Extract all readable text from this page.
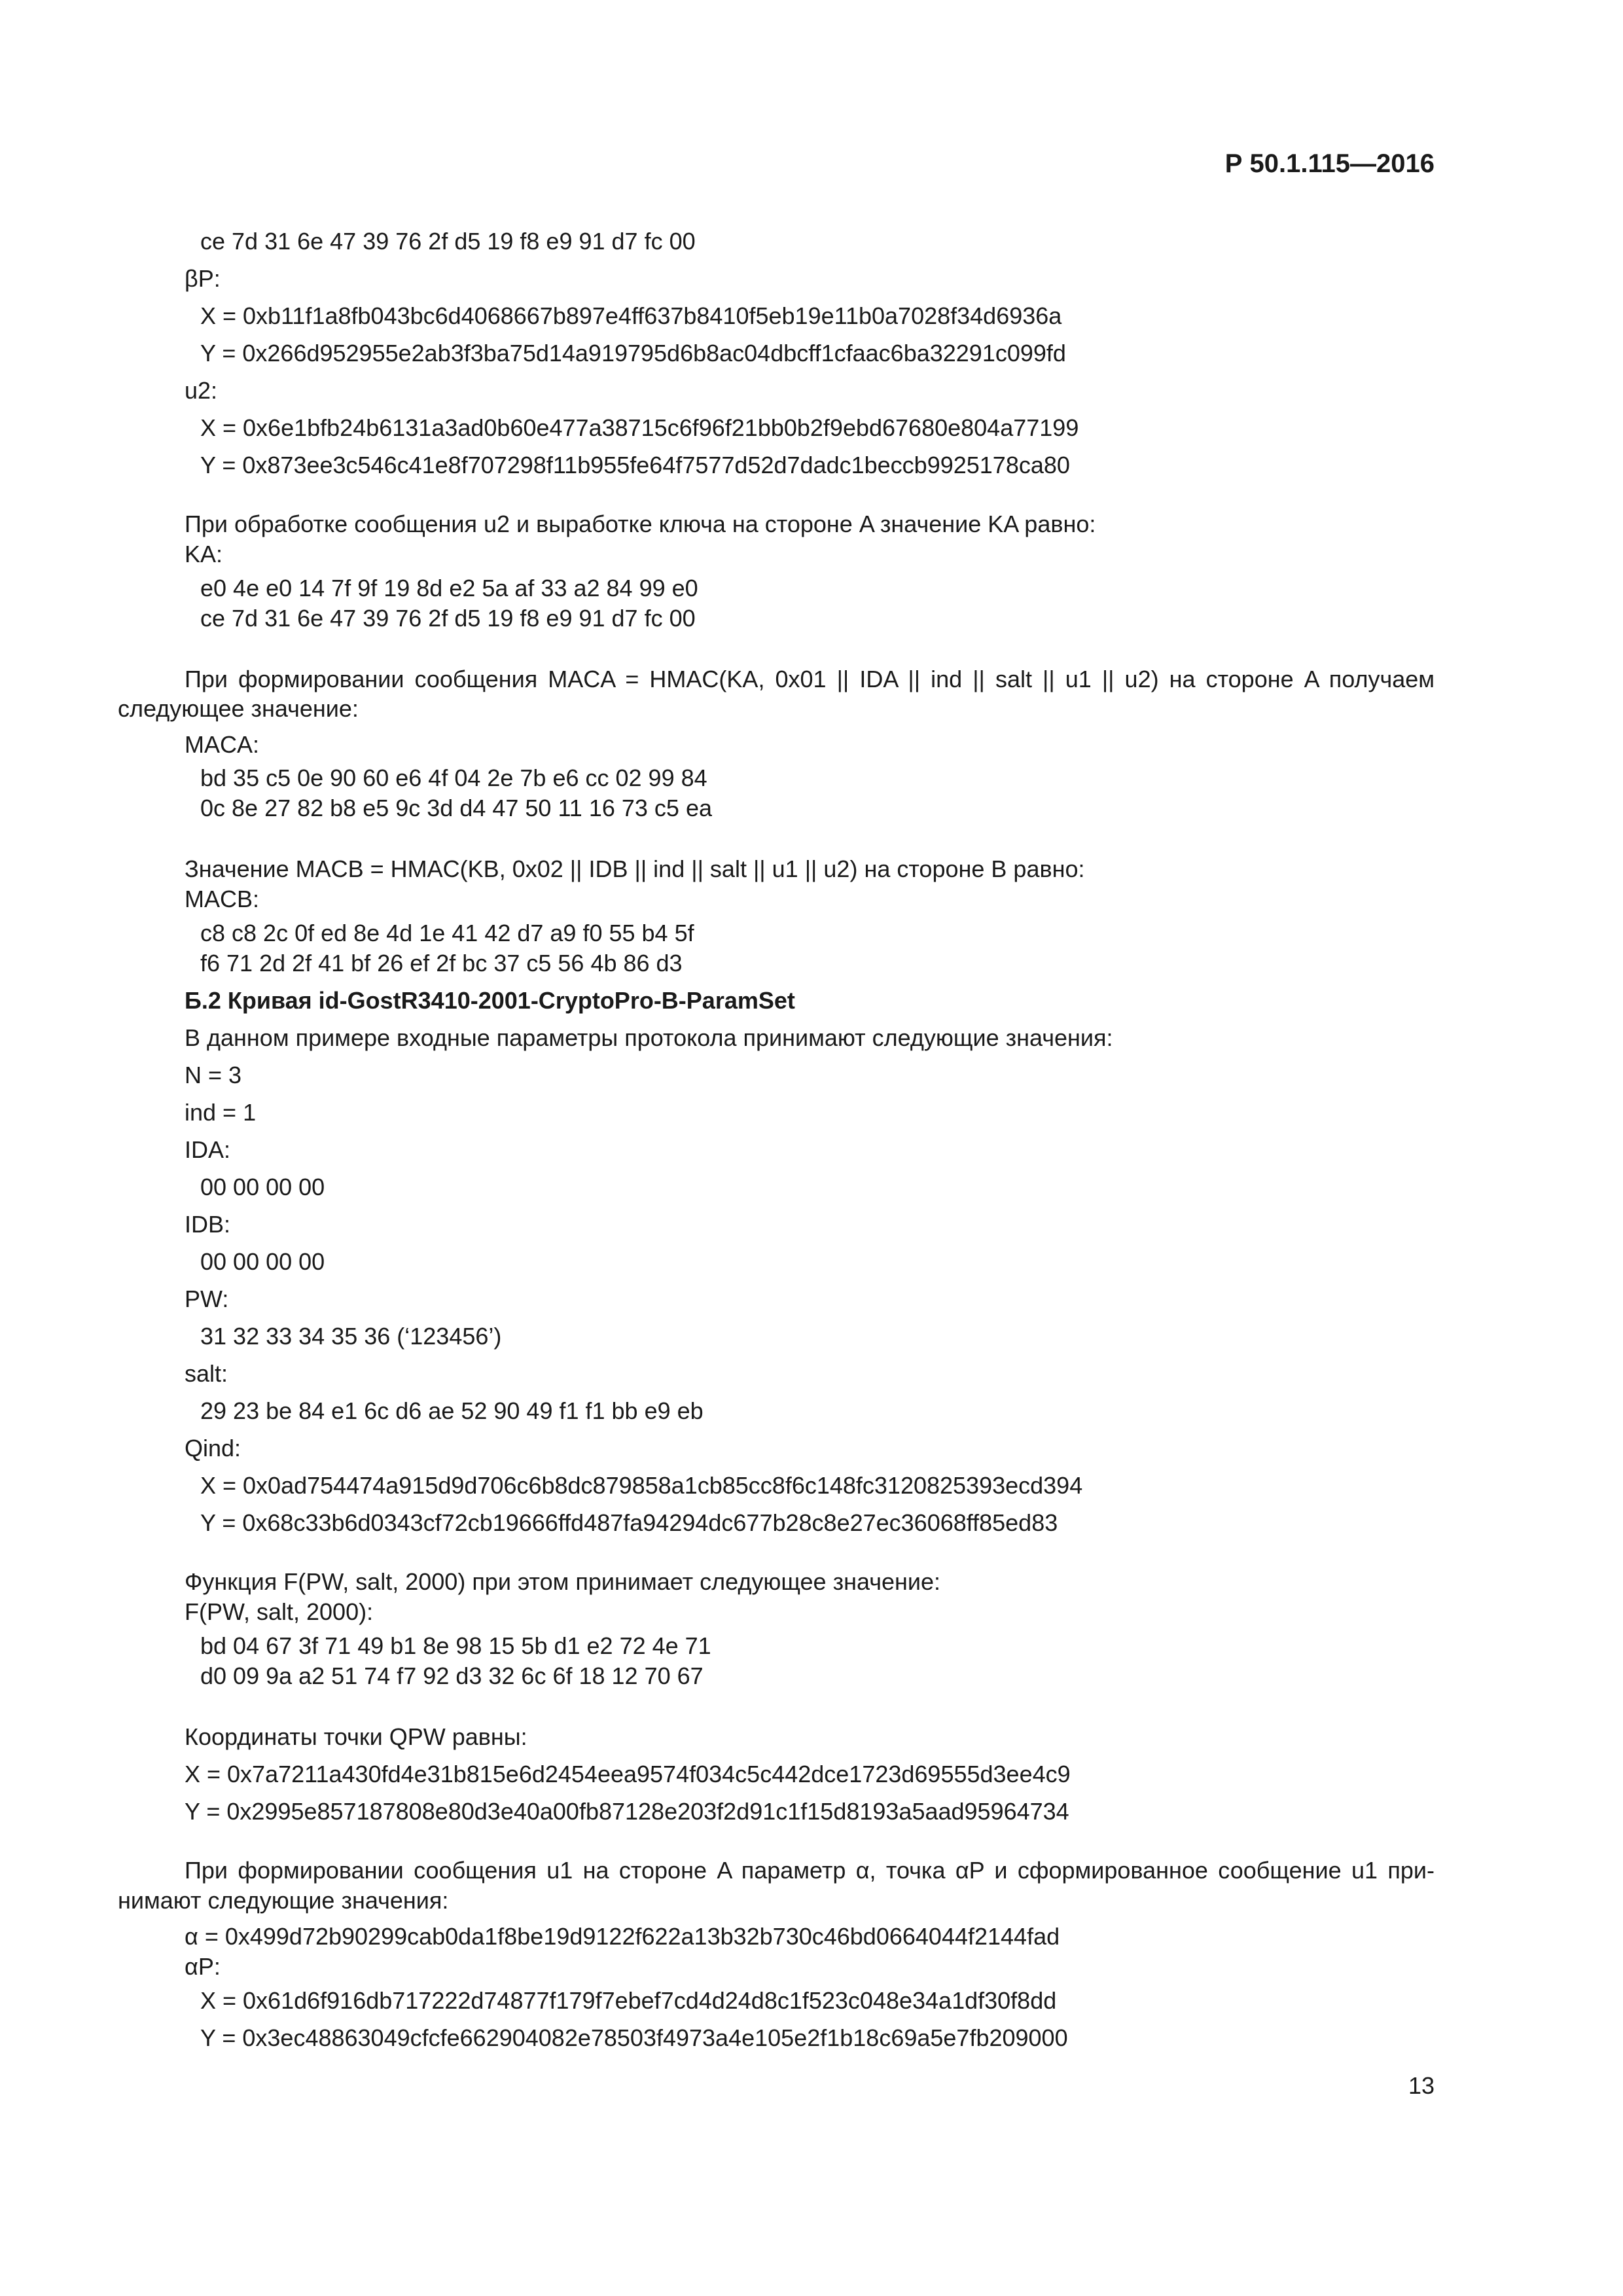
Р 50.1.115—2016
ce 7d 31 6e 47 39 76 2f d5 19 f8 e9 91 d7 fc 00
βP:
X = 0xb11f1a8fb043bc6d4068667b897e4ff637b8410f5eb19e11b0a7028f34d6936a
Y = 0x266d952955e2ab3f3ba75d14a919795d6b8ac04dbcff1cfaac6ba32291c099fd
u2:
X = 0x6e1bfb24b6131a3ad0b60e477a38715c6f96f21bb0b2f9ebd67680e804a77199
Y = 0x873ee3c546c41e8f707298f11b955fe64f7577d52d7dadc1beccb9925178ca80
При обработке сообщения u2 и выработке ключа на стороне A значение KA равно:
KA:
e0 4e e0 14 7f 9f 19 8d e2 5a af 33 a2 84 99 e0
ce 7d 31 6e 47 39 76 2f d5 19 f8 e9 91 d7 fc 00
При формировании сообщения MACA = HMAC(KA, 0x01 || IDA || ind || salt || u1 || u2) на стороне A получаем
следующее значение:
MACA:
bd 35 c5 0e 90 60 e6 4f 04 2e 7b e6 cc 02 99 84
0c 8e 27 82 b8 e5 9c 3d d4 47 50 11 16 73 c5 ea
Значение MACB = HMAC(KB, 0x02 || IDB || ind || salt || u1 || u2) на стороне B равно:
MACB:
c8 c8 2c 0f ed 8e 4d 1e 41 42 d7 a9 f0 55 b4 5f
f6 71 2d 2f 41 bf 26 ef 2f bc 37 c5 56 4b 86 d3
Б.2 Кривая id-GostR3410-2001-CryptoPro-B-ParamSet
В данном примере входные параметры протокола принимают следующие значения:
N = 3
ind = 1
IDA:
00 00 00 00
IDB:
00 00 00 00
PW:
31 32 33 34 35 36 (‘123456’)
salt:
29 23 be 84 e1 6c d6 ae 52 90 49 f1 f1 bb e9 eb
Qind:
X = 0x0ad754474a915d9d706c6b8dc879858a1cb85cc8f6c148fc3120825393ecd394
Y = 0x68c33b6d0343cf72cb19666ffd487fa94294dc677b28c8e27ec36068ff85ed83
Функция F(PW, salt, 2000) при этом принимает следующее значение:
F(PW, salt, 2000):
bd 04 67 3f 71 49 b1 8e 98 15 5b d1 e2 72 4e 71
d0 09 9a a2 51 74 f7 92 d3 32 6c 6f 18 12 70 67
Координаты точки QPW равны:
X = 0x7a7211a430fd4e31b815e6d2454eea9574f034c5c442dce1723d69555d3ee4c9
Y = 0x2995e857187808e80d3e40a00fb87128e203f2d91c1f15d8193a5aad95964734
При формировании сообщения u1 на стороне A параметр α, точка αP и сформированное сообщение u1 при-
нимают следующие значения:
α = 0x499d72b90299cab0da1f8be19d9122f622a13b32b730c46bd0664044f2144fad
αP:
X = 0x61d6f916db717222d74877f179f7ebef7cd4d24d8c1f523c048e34a1df30f8dd
Y = 0x3ec48863049cfcfe662904082e78503f4973a4e105e2f1b18c69a5e7fb209000
13
